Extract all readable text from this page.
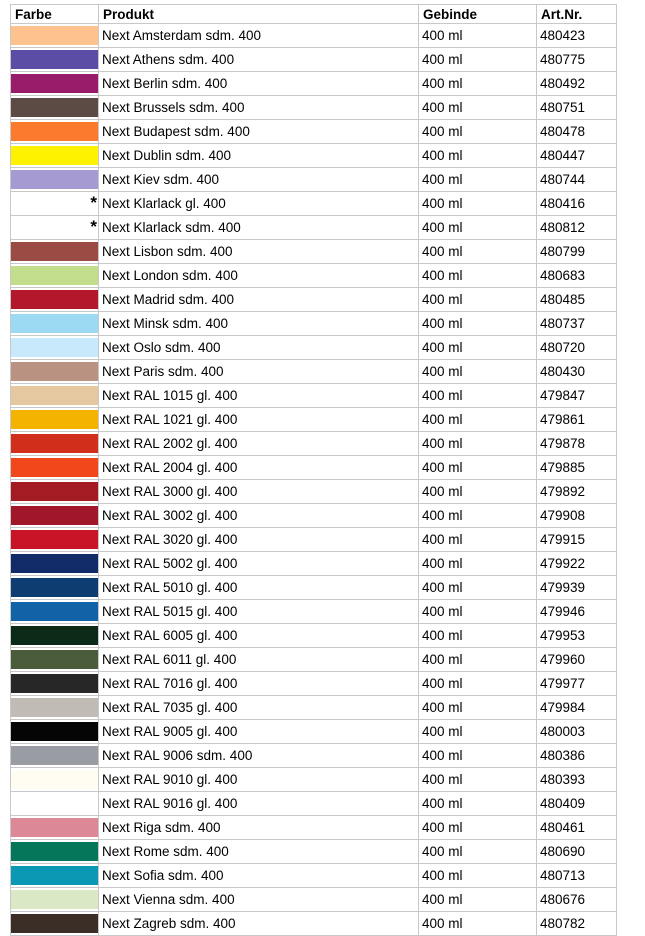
Farbe	Produkt	Gebinde	Art.Nr.

	Next Amsterdam sdm. 400	400 ml	480423

	Next Athens sdm. 400	400 ml	480775

	Next Berlin sdm. 400	400 ml	480492

	Next Brussels sdm. 400	400 ml	480751

	Next Budapest sdm. 400	400 ml	480478

	Next Dublin sdm. 400	400 ml	480447

	Next Kiev sdm. 400	400 ml	480744

*	Next Klarlack gl. 400	400 ml	480416

*	Next Klarlack sdm. 400	400 ml	480812

	Next Lisbon sdm. 400	400 ml	480799

	Next London sdm. 400	400 ml	480683

	Next Madrid sdm. 400	400 ml	480485

	Next Minsk sdm. 400	400 ml	480737

	Next Oslo sdm. 400	400 ml	480720

	Next Paris sdm. 400	400 ml	480430

	Next RAL 1015 gl. 400	400 ml	479847

	Next RAL 1021 gl. 400	400 ml	479861

	Next RAL 2002 gl. 400	400 ml	479878

	Next RAL 2004 gl. 400	400 ml	479885

	Next RAL 3000 gl. 400	400 ml	479892

	Next RAL 3002 gl. 400	400 ml	479908

	Next RAL 3020 gl. 400	400 ml	479915

	Next RAL 5002 gl. 400	400 ml	479922

	Next RAL 5010 gl. 400	400 ml	479939

	Next RAL 5015 gl. 400	400 ml	479946

	Next RAL 6005 gl. 400	400 ml	479953

	Next RAL 6011 gl. 400	400 ml	479960

	Next RAL 7016 gl. 400	400 ml	479977

	Next RAL 7035 gl. 400	400 ml	479984

	Next RAL 9005 gl. 400	400 ml	480003

	Next RAL 9006 sdm. 400	400 ml	480386

	Next RAL 9010 gl. 400	400 ml	480393

	Next RAL 9016 gl. 400	400 ml	480409

	Next Riga sdm. 400	400 ml	480461

	Next Rome sdm. 400	400 ml	480690

	Next Sofia sdm. 400	400 ml	480713

	Next Vienna sdm. 400	400 ml	480676

	Next Zagreb sdm. 400	400 ml	480782
